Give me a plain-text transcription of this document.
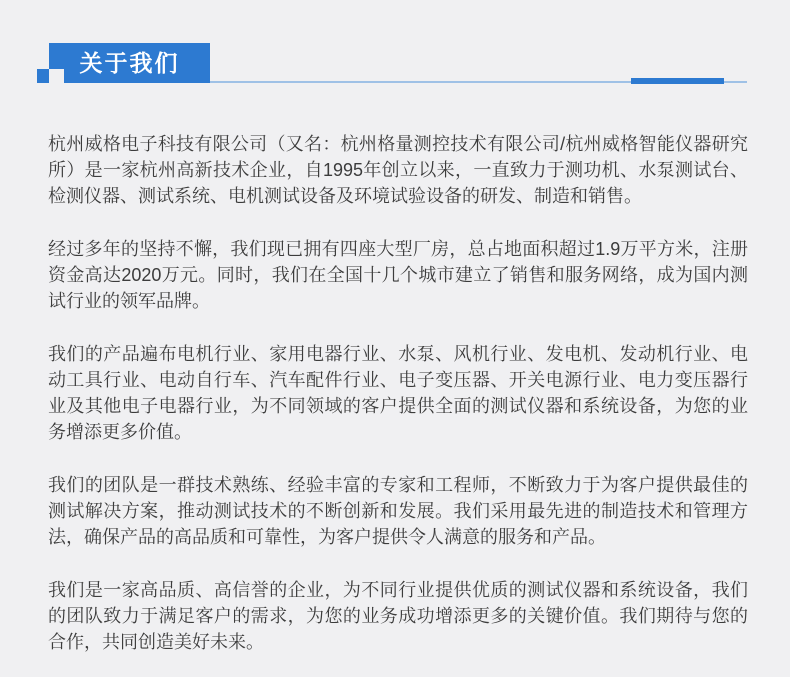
关于我们

杭州威格电子科技有限公司（又名：杭州格量测控技术有限公司/杭州威格智能仪器研究所）是一家杭州高新技术企业，自1995年创立以来，一直致力于测功机、水泵测试台、检测仪器、测试系统、电机测试设备及环境试验设备的研发、制造和销售。

经过多年的坚持不懈，我们现已拥有四座大型厂房，总占地面积超过1.9万平方米，注册资金高达2020万元。同时，我们在全国十几个城市建立了销售和服务网络，成为国内测试行业的领军品牌。

我们的产品遍布电机行业、家用电器行业、水泵、风机行业、发电机、发动机行业、电动工具行业、电动自行车、汽车配件行业、电子变压器、开关电源行业、电力变压器行业及其他电子电器行业，为不同领域的客户提供全面的测试仪器和系统设备，为您的业务增添更多价值。

我们的团队是一群技术熟练、经验丰富的专家和工程师，不断致力于为客户提供最佳的测试解决方案，推动测试技术的不断创新和发展。我们采用最先进的制造技术和管理方法，确保产品的高品质和可靠性，为客户提供令人满意的服务和产品。

我们是一家高品质、高信誉的企业，为不同行业提供优质的测试仪器和系统设备，我们的团队致力于满足客户的需求，为您的业务成功增添更多的关键价值。我们期待与您的合作，共同创造美好未来。
